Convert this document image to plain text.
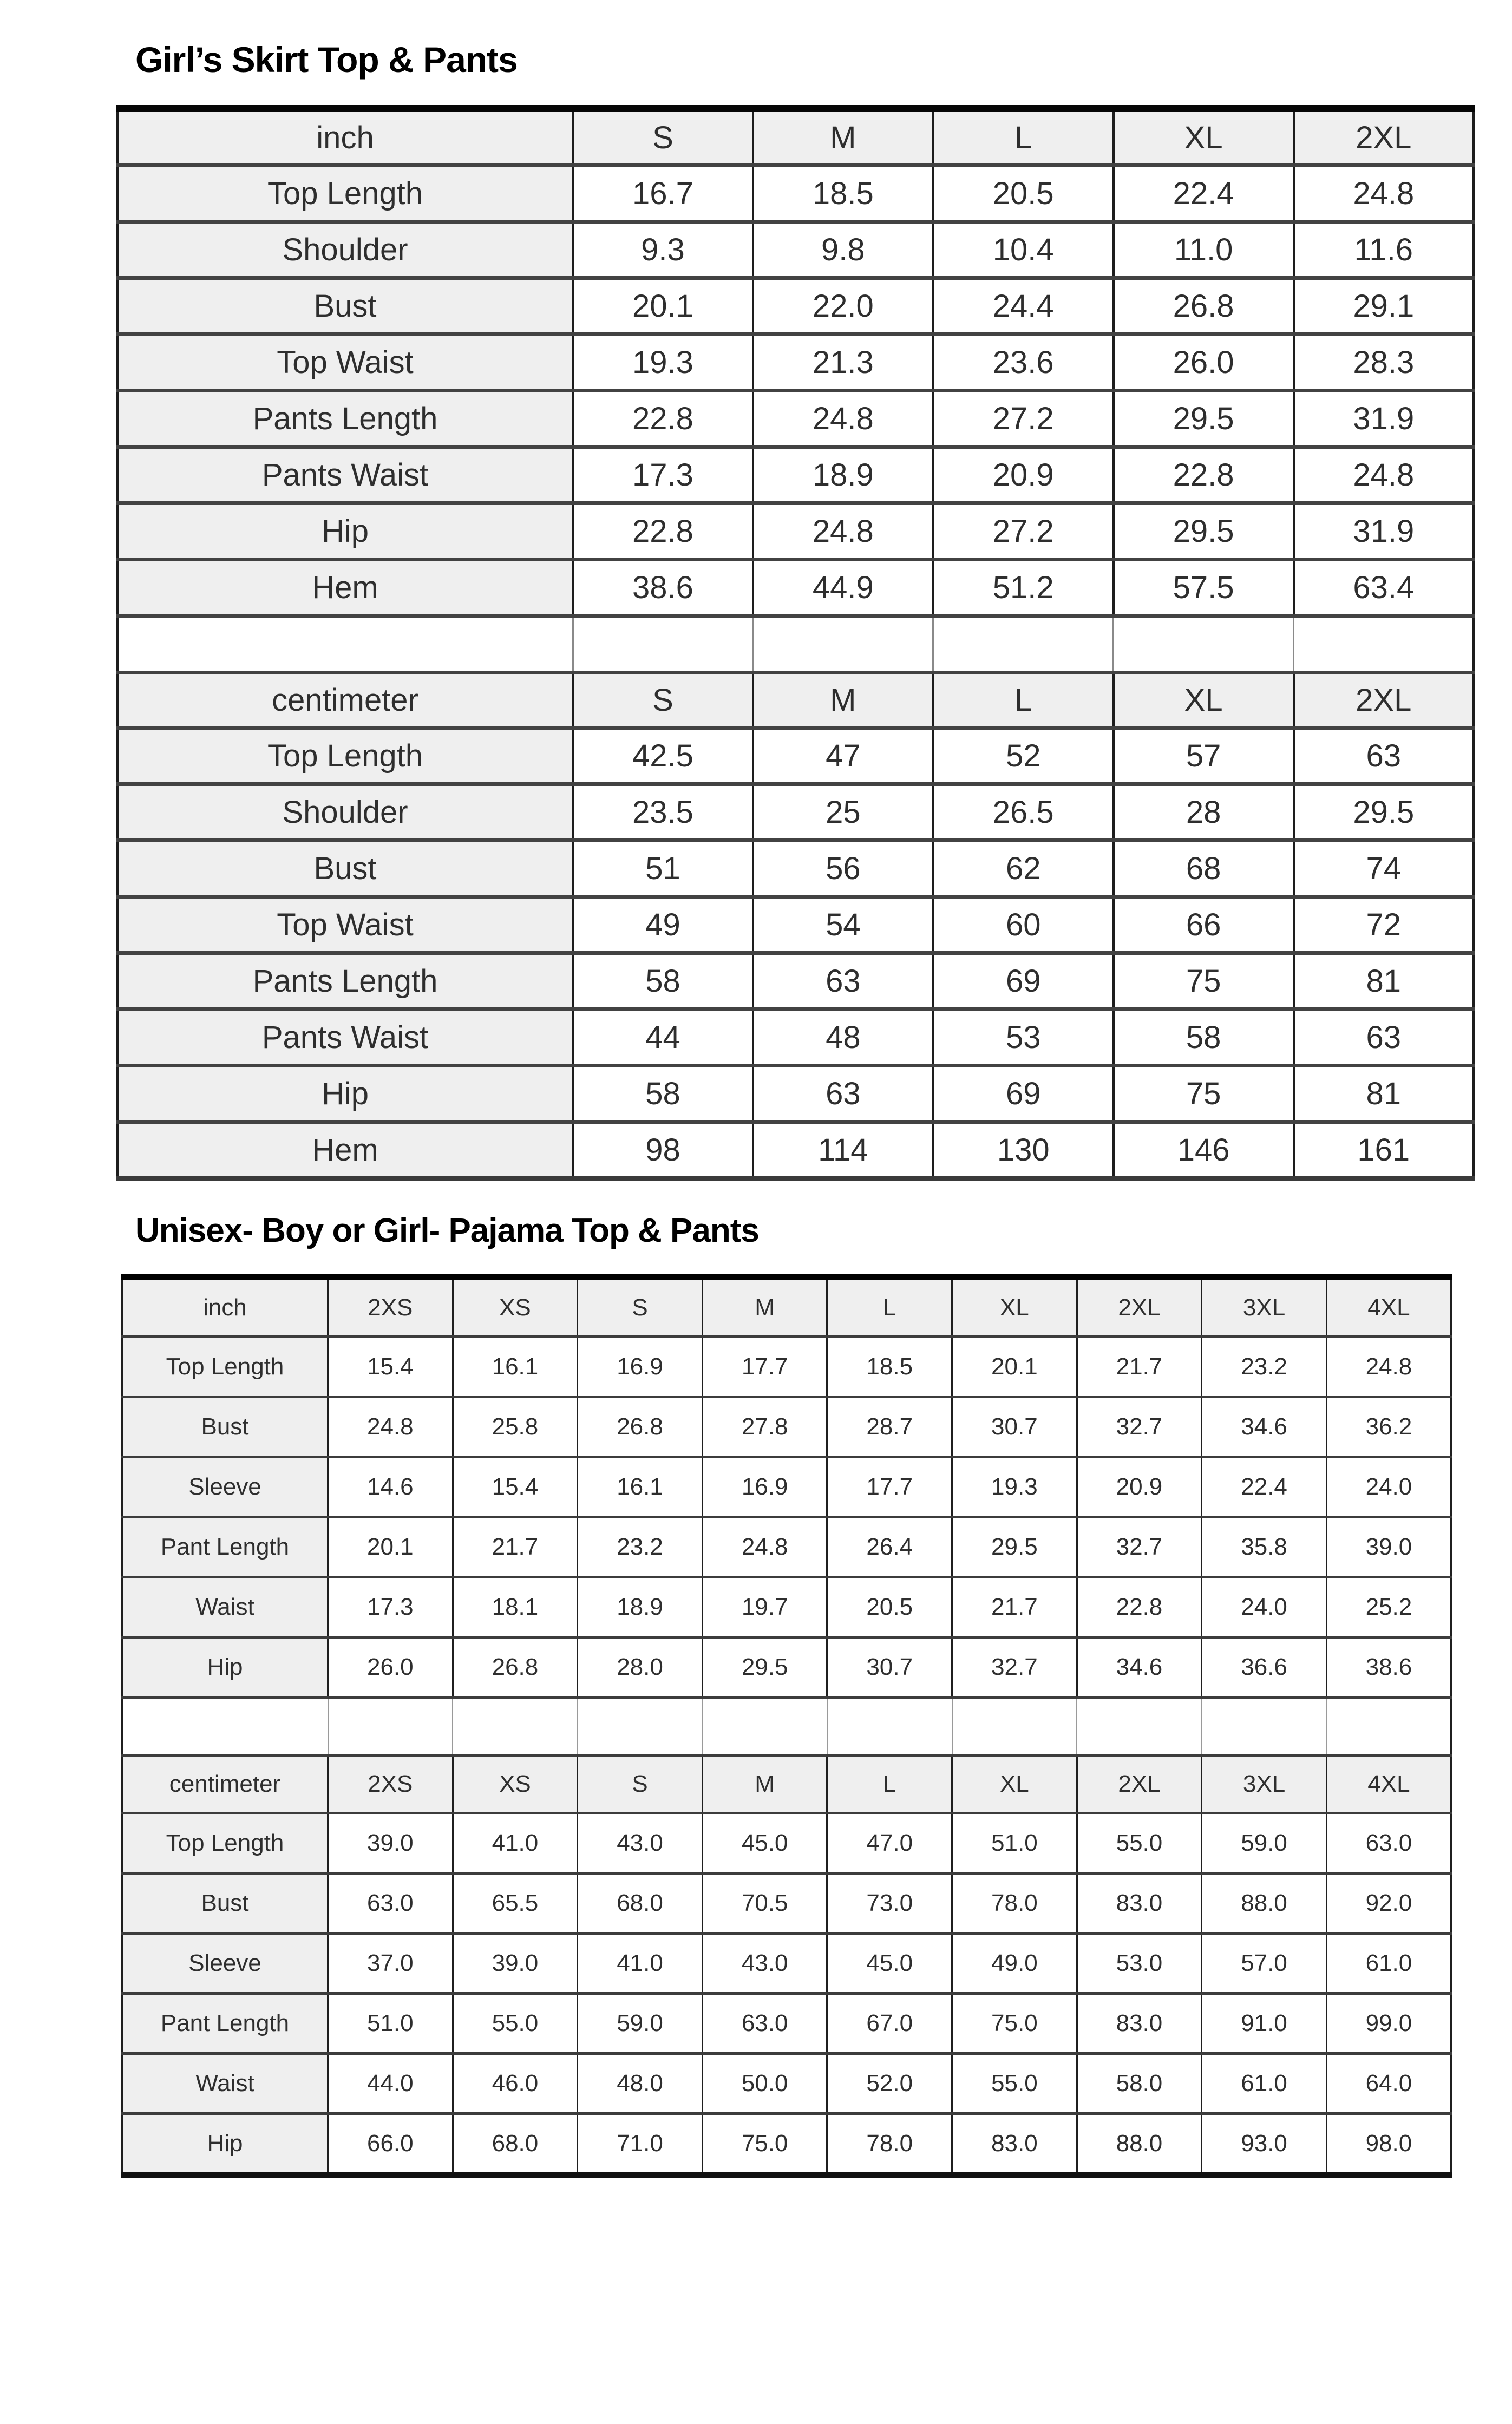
Girl’s Skirt Top & Pants
inch	S	M	L	XL	2XL
Top Length	16.7	18.5	20.5	22.4	24.8
Shoulder	9.3	9.8	10.4	11.0	11.6
Bust	20.1	22.0	24.4	26.8	29.1
Top Waist	19.3	21.3	23.6	26.0	28.3
Pants Length	22.8	24.8	27.2	29.5	31.9
Pants Waist	17.3	18.9	20.9	22.8	24.8
Hip	22.8	24.8	27.2	29.5	31.9
Hem	38.6	44.9	51.2	57.5	63.4

centimeter	S	M	L	XL	2XL
Top Length	42.5	47	52	57	63
Shoulder	23.5	25	26.5	28	29.5
Bust	51	56	62	68	74
Top Waist	49	54	60	66	72
Pants Length	58	63	69	75	81
Pants Waist	44	48	53	58	63
Hip	58	63	69	75	81
Hem	98	114	130	146	161
Unisex- Boy or Girl- Pajama Top & Pants
inch	2XS	XS	S	M	L	XL	2XL	3XL	4XL
Top Length	15.4	16.1	16.9	17.7	18.5	20.1	21.7	23.2	24.8
Bust	24.8	25.8	26.8	27.8	28.7	30.7	32.7	34.6	36.2
Sleeve	14.6	15.4	16.1	16.9	17.7	19.3	20.9	22.4	24.0
Pant Length	20.1	21.7	23.2	24.8	26.4	29.5	32.7	35.8	39.0
Waist	17.3	18.1	18.9	19.7	20.5	21.7	22.8	24.0	25.2
Hip	26.0	26.8	28.0	29.5	30.7	32.7	34.6	36.6	38.6

centimeter	2XS	XS	S	M	L	XL	2XL	3XL	4XL
Top Length	39.0	41.0	43.0	45.0	47.0	51.0	55.0	59.0	63.0
Bust	63.0	65.5	68.0	70.5	73.0	78.0	83.0	88.0	92.0
Sleeve	37.0	39.0	41.0	43.0	45.0	49.0	53.0	57.0	61.0
Pant Length	51.0	55.0	59.0	63.0	67.0	75.0	83.0	91.0	99.0
Waist	44.0	46.0	48.0	50.0	52.0	55.0	58.0	61.0	64.0
Hip	66.0	68.0	71.0	75.0	78.0	83.0	88.0	93.0	98.0
